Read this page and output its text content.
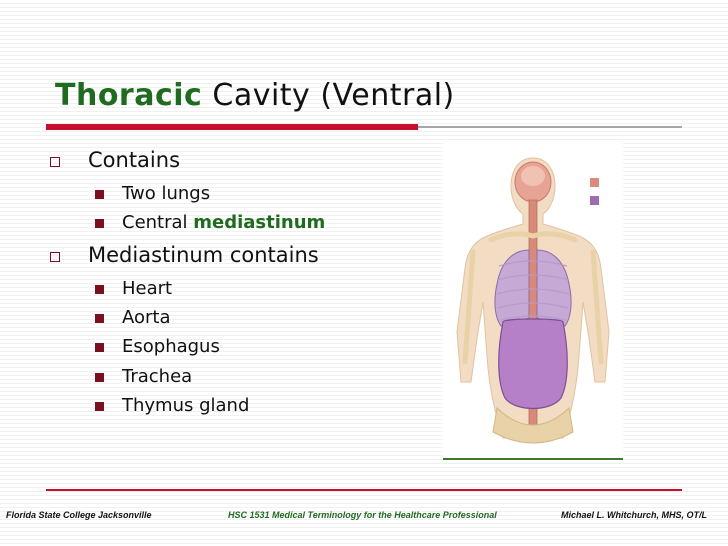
Thoracic Cavity (Ventral)
Contains
Two lungs
Central mediastinum
Mediastinum contains
Heart
Aorta
Esophagus
Trachea
Thymus gland
Florida State College Jacksonville	HSC 1531 Medical Terminology for the Healthcare Professional	Michael L. Whitchurch, MHS, OT/L
